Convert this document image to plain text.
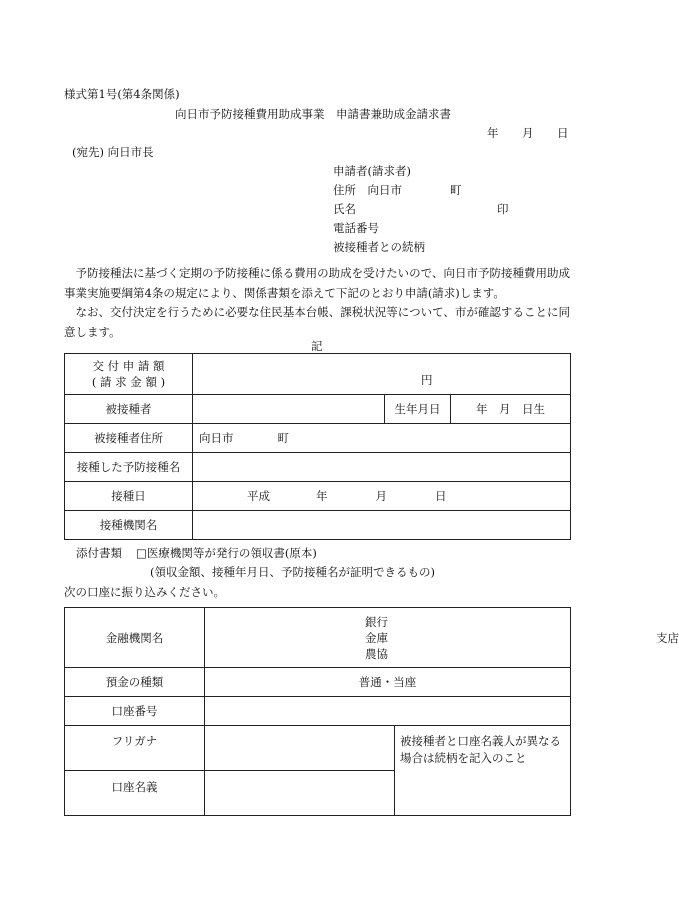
様式第1号(第4条関係)
向日市予防接種費用助成事業　申請書兼助成金請求書
年 月 日
(宛先) 向日市長
申請者(請求者)
住所　向日市	町
氏名	印
電話番号
被接種者との続柄
予防接種法に基づく定期の予防接種に係る費用の助成を受けたいので、向日市予防接種費用助成事業実施要綱第4条の規定により、関係書類を添えて下記のとおり申請(請求)します。
なお、交付決定を行うために必要な住民基本台帳、課税状況等について、市が確認することに同意します。
記
交 付 申 請 額
( 請 求 金 額 )	円		

被接種者		生年月日	年　月　日生
被接種者住所	向日市 町		
接種した予防接種名			
接種日	平成 年 月 日		
接種機関名			
添付書類 □医療機関等が発行の領収書(原本)
(領収金額、接種年月日、予防接種名が証明できるもの)
次の口座に振り込みください。
金融機関名	銀行
金庫
農協
支店	

預金の種類	普通・当座	
口座番号		
フリガナ		被接種者と口座名義人が異なる場合は続柄を記入のこと
口座名義		
